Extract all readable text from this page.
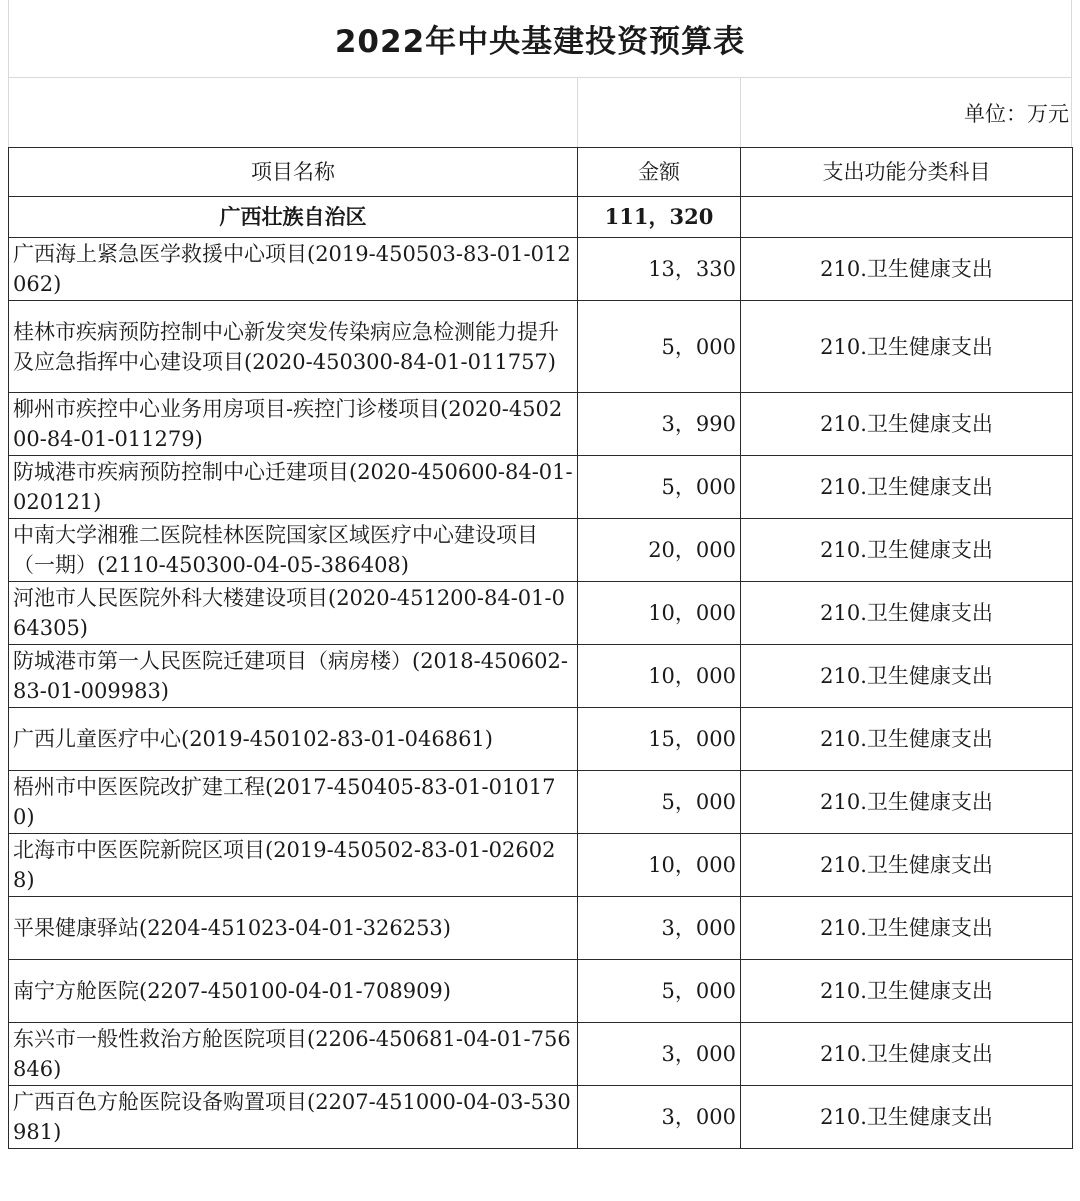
2022年中央基建投资预算表
单位：万元
项目名称	金额	支出功能分类科目
广西壮族自治区	111，320	
广西海上紧急医学救援中心项目(2019-450503-83-01-012062)	13，330	210.卫生健康支出
桂林市疾病预防控制中心新发突发传染病应急检测能力提升及应急指挥中心建设项目(2020-450300-84-01-011757)	5，000	210.卫生健康支出
柳州市疾控中心业务用房项目-疾控门诊楼项目(2020-450200-84-01-011279)	3，990	210.卫生健康支出
防城港市疾病预防控制中心迁建项目(2020-450600-84-01-020121)	5，000	210.卫生健康支出
中南大学湘雅二医院桂林医院国家区域医疗中心建设项目（一期）(2110-450300-04-05-386408)	20，000	210.卫生健康支出
河池市人民医院外科大楼建设项目(2020-451200-84-01-064305)	10，000	210.卫生健康支出
防城港市第一人民医院迁建项目（病房楼）(2018-450602-83-01-009983)	10，000	210.卫生健康支出
广西儿童医疗中心(2019-450102-83-01-046861)	15，000	210.卫生健康支出
梧州市中医医院改扩建工程(2017-450405-83-01-010170)	5，000	210.卫生健康支出
北海市中医医院新院区项目(2019-450502-83-01-026028)	10，000	210.卫生健康支出
平果健康驿站(2204-451023-04-01-326253)	3，000	210.卫生健康支出
南宁方舱医院(2207-450100-04-01-708909)	5，000	210.卫生健康支出
东兴市一般性救治方舱医院项目(2206-450681-04-01-756846)	3，000	210.卫生健康支出
广西百色方舱医院设备购置项目(2207-451000-04-03-530981)	3，000	210.卫生健康支出
